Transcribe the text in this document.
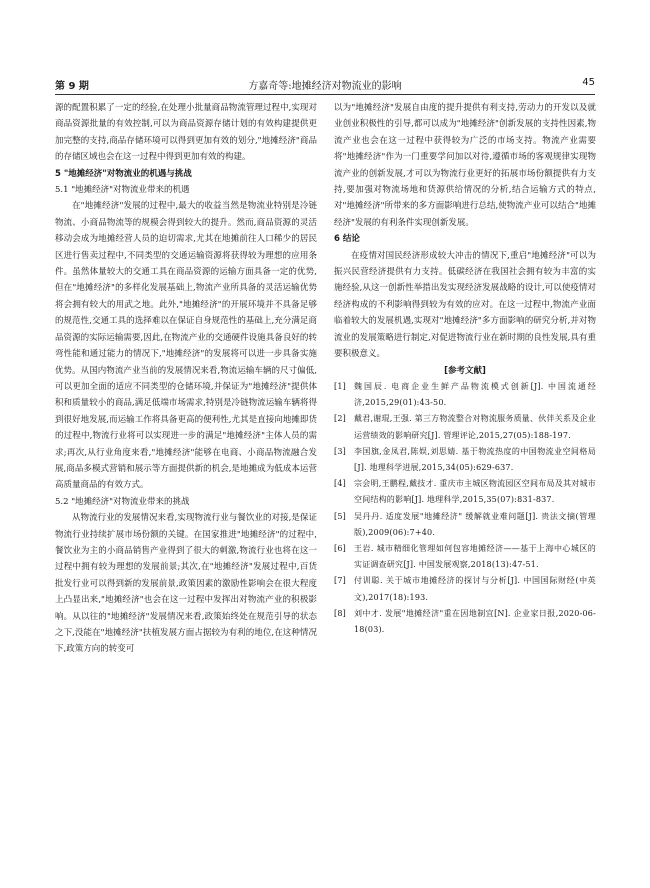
第 9 期	方嘉奇等:地摊经济对物流业的影响	45

源的配置积累了一定的经验,在处理小批量商品物流管理过程中,实现对商品资源批量的有效控制,可以为商品资源存储计划的有效构建提供更加完整的支持,商品存储环境可以得到更加有效的划分,"地摊经济"商品的存储区域也会在这一过程中得到更加有效的构建。

5 "地摊经济"对物流业的机遇与挑战

5.1 "地摊经济"对物流业带来的机遇

在"地摊经济"发展的过程中,最大的收益当然是物流业特别是冷链物流、小商品物流等的规模会得到较大的提升。然而,商品资源的灵活移动会成为地摊经营人员的迫切需求,尤其在地摊前往人口稀少的居民区进行售卖过程中,不同类型的交通运输资源将获得较为理想的应用条件。虽然体量较大的交通工具在商品资源的运输方面具备一定的优势,但在"地摊经济"的多样化发展基础上,物流产业所具备的灵活运输优势将会拥有较大的用武之地。此外,"地摊经济"的开展环境并不具备足够的规范性,交通工具的选择难以在保证自身规范性的基础上,充分满足商品资源的实际运输需要,因此,在物流产业的交通硬件设施具备良好的转弯性能和通过能力的情况下,"地摊经济"的发展将可以进一步具备实施优势。从国内物流产业当前的发展情况来看,物流运输车辆的尺寸偏低,可以更加全面的适应不同类型的仓储环境,并保证为"地摊经济"提供体积和质量较小的商品,满足低端市场需求,特别是冷链物流运输车辆将得到很好地发展,而运输工作将具备更高的便利性,尤其是直接向地摊即货的过程中,物流行业将可以实现进一步的满足"地摊经济"主体人员的需求;再次,从行业角度来看,"地摊经济"能够在电商、小商品物流融合发展,商品多模式营销和展示等方面提供新的机会,是地摊成为低成本运营高质量商品的有效方式。

5.2 "地摊经济"对物流业带来的挑战

从物流行业的发展情况来看,实现物流行业与餐饮业的对接,是保证物流行业持续扩展市场份额的关键。在国家推进"地摊经济"的过程中,餐饮业为主的小商品销售产业得到了很大的刺激,物流行业也将在这一过程中拥有较为理想的发展前景;其次,在"地摊经济"发展过程中,百货批发行业可以得到新的发展前景,政策因素的激励性影响会在很大程度上凸显出来,"地摊经济"也会在这一过程中发挥出对物流产业的积极影响。从以往的"地摊经济"发展情况来看,政策始终处在规范引导的状态之下,没能在"地摊经济"扶植发展方面占据较为有利的地位,在这种情况下,政策方向的转变可

以为"地摊经济"发展自由度的提升提供有利支持,劳动力的开发以及就业创业积极性的引导,都可以成为"地摊经济"创新发展的支持性因素,物流产业也会在这一过程中获得较为广泛的市场支持。物流产业需要将"地摊经济"作为一门重要学问加以对待,遵循市场的客观规律实现物流产业的创新发展,才可以为物流行业更好的拓展市场份额提供有力支持,要加强对物流场地和货源供给情况的分析,结合运输方式的特点,对"地摊经济"所带来的多方面影响进行总结,使物流产业可以结合"地摊经济"发展的有利条件实现创新发展。

6 结论

在疫情对国民经济形成较大冲击的情况下,重启"地摊经济"可以为振兴民营经济提供有力支持。低碳经济在我国社会拥有较为丰富的实施经验,从这一创新性举措出发实现经济发展战略的设计,可以使疫情对经济构成的不利影响得到较为有效的应对。在这一过程中,物流产业面临着较大的发展机遇,实现对"地摊经济"多方面影响的研究分析,并对物流业的发展策略进行制定,对促进物流行业在新时期的良性发展,具有重要积极意义。

[参考文献]

[1]	魏国辰. 电商企业生鲜产品物流模式创新[J]. 中国流通经济,2015,29(01):43-50.
[2]	戴君,谢琨,王强. 第三方物流整合对物流服务质量、伙伴关系及企业运营绩效的影响研究[J]. 管理评论,2015,27(05):188-197.
[3]	李国旗,金凤君,陈娱,刘思婧. 基于物流热度的中国物流业空间格局[J]. 地理科学进展,2015,34(05):629-637.
[4]	宗会明,王鹏程,戴技才. 重庆市主城区物流园区空间布局及其对城市空间结构的影响[J]. 地理科学,2015,35(07):831-837.
[5]	吴丹丹. 适度发展"地摊经济" 缓解就业难问题[J]. 贵法文摘(管理版),2009(06):7+40.
[6]	王岩. 城市精细化管理如何包容地摊经济——基于上海中心城区的实证调查研究[J]. 中国发展观察,2018(13):47-51.
[7]	付训聪. 关于城市地摊经济的探讨与分析[J]. 中国国际财经(中英文),2017(18):193.
[8]	刘中才. 发展"地摊经济"重在因地制宜[N]. 企业家日报,2020-06-18(03).
